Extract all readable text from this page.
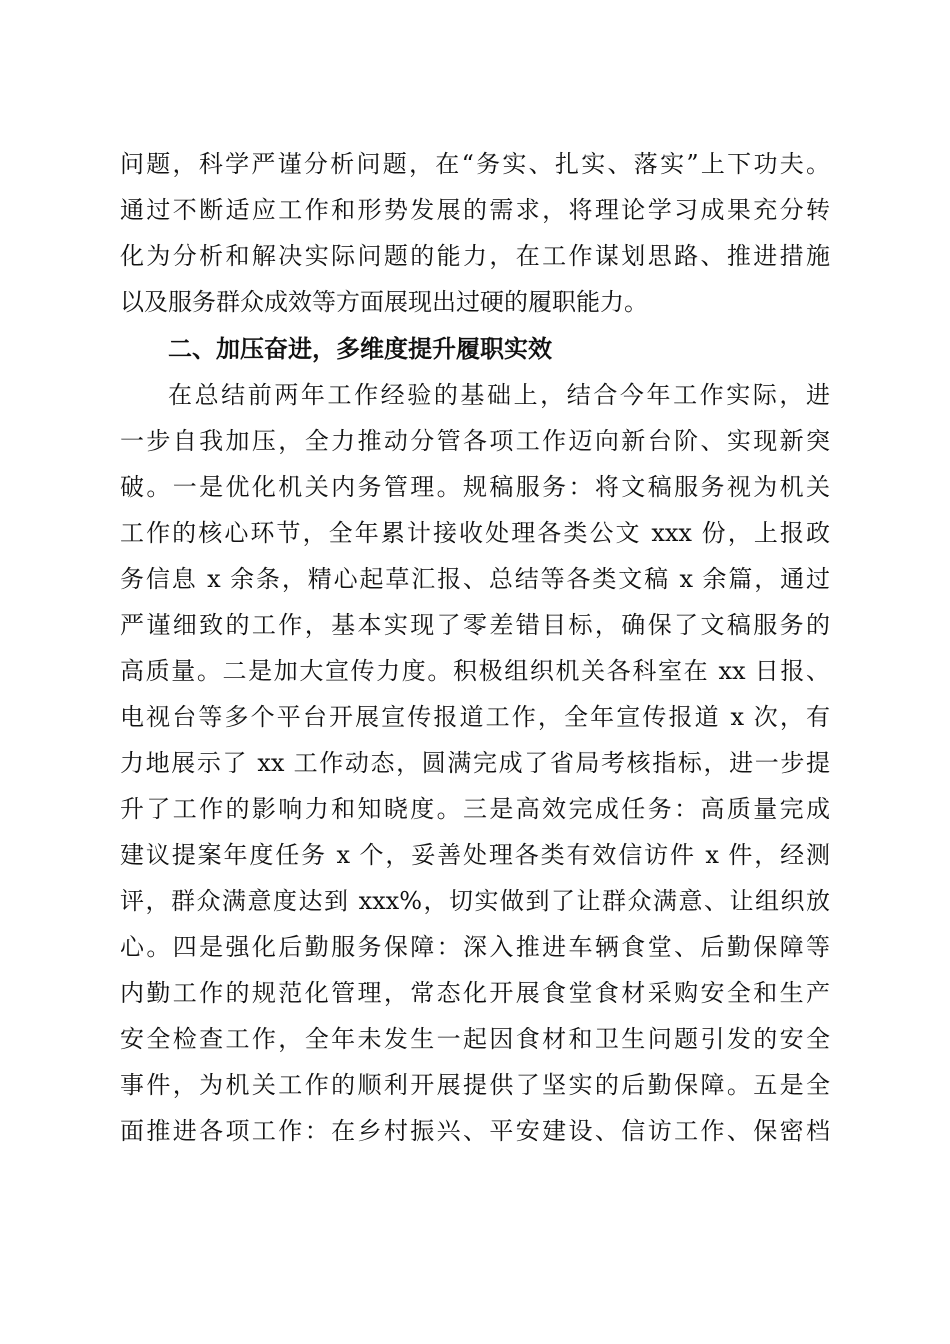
问题，科学严谨分析问题，在“务实、扎实、落实”上下功夫。
通过不断适应工作和形势发展的需求，将理论学习成果充分转
化为分析和解决实际问题的能力，在工作谋划思路、推进措施
以及服务群众成效等方面展现出过硬的履职能力。
二、加压奋进，多维度提升履职实效
在总结前两年工作经验的基础上，结合今年工作实际，进
一步自我加压，全力推动分管各项工作迈向新台阶、实现新突
破。一是优化机关内务管理。规稿服务：将文稿服务视为机关
工作的核心环节，全年累计接收处理各类公文 xxx 份，上报政
务信息 x 余条，精心起草汇报、总结等各类文稿 x 余篇，通过
严谨细致的工作，基本实现了零差错目标，确保了文稿服务的
高质量。二是加大宣传力度。积极组织机关各科室在 xx 日报、
电视台等多个平台开展宣传报道工作，全年宣传报道 x 次，有
力地展示了 xx 工作动态，圆满完成了省局考核指标，进一步提
升了工作的影响力和知晓度。三是高效完成任务：高质量完成
建议提案年度任务 x 个，妥善处理各类有效信访件 x 件，经测
评，群众满意度达到 xxx%，切实做到了让群众满意、让组织放
心。四是强化后勤服务保障：深入推进车辆食堂、后勤保障等
内勤工作的规范化管理，常态化开展食堂食材采购安全和生产
安全检查工作，全年未发生一起因食材和卫生问题引发的安全
事件，为机关工作的顺利开展提供了坚实的后勤保障。五是全
面推进各项工作：在乡村振兴、平安建设、信访工作、保密档
